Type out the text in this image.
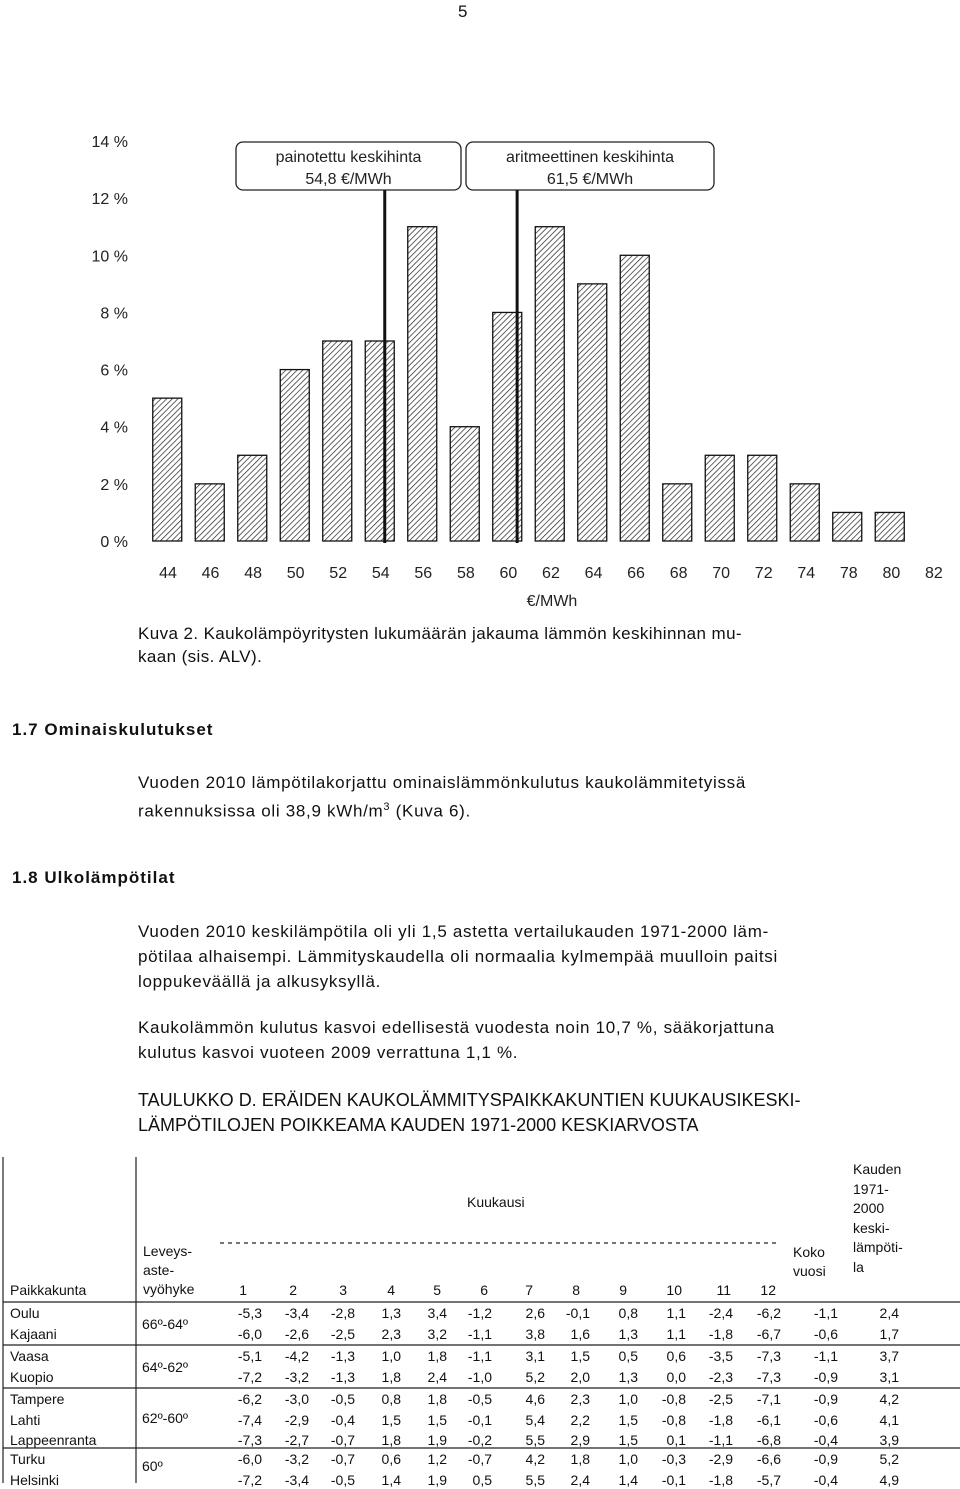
5
0 %
2 %
4 %
6 %
8 %
10 %
12 %
14 %
44 46 48 50 52 54 56 58 60 62 64 66 68 70 72 74 78 80 82
€/MWh
painotettu keskihinta
54,8 €/MWh
aritmeettinen keskihinta
61,5 €/MWh
Kuva 2. Kaukolämpöyritysten lukumäärän jakauma lämmön keskihinnan mu-
kaan (sis. ALV).
1.7 Ominaiskulutukset
Vuoden 2010 lämpötilakorjattu ominaislämmönkulutus kaukolämmitetyissä
rakennuksissa oli 38,9 kWh/$m^3$ (Kuva 6).
1.8 Ulkolämpötilat
Vuoden 2010 keskilämpötila oli yli 1,5 astetta vertailukauden 1971-2000 läm-
pötilaa alhaisempi. Lämmityskaudella oli normaalia kylmempää muulloin paitsi
loppukeväällä ja alkusyksyllä.
Kaukolämmön kulutus kasvoi edellisestä vuodesta noin 10,7 %, sääkorjattuna
kulutus kasvoi vuoteen 2009 verrattuna 1,1 %.
TAULUKKO D. ERÄIDEN KAUKOLÄMMITYSPAIKKAKUNTIEN KUUKAUSIKESKI-
LÄMPÖTILOJEN POIKKEAMA KAUDEN 1971-2000 KESKIARVOSTA
Paikkakunta
Leveys-
aste-
vyöhyke
Kuukausi
1	2	3	4	5	6	7	8	9	10	11	12
Koko
vuosi
Kauden
1971-
2000
keski-
lämpöti-
la
66º-64º
Oulu	-5,3	-3,4	-2,8	1,3	3,4	-1,2	2,6	-0,1	0,8	1,1	-2,4	-6,2	-1,1	2,4
Kajaani	-6,0	-2,6	-2,5	2,3	3,2	-1,1	3,8	1,6	1,3	1,1	-1,8	-6,7	-0,6	1,7
64º-62º
Vaasa	-5,1	-4,2	-1,3	1,0	1,8	-1,1	3,1	1,5	0,5	0,6	-3,5	-7,3	-1,1	3,7
Kuopio	-7,2	-3,2	-1,3	1,8	2,4	-1,0	5,2	2,0	1,3	0,0	-2,3	-7,3	-0,9	3,1
62º-60º
Tampere	-6,2	-3,0	-0,5	0,8	1,8	-0,5	4,6	2,3	1,0	-0,8	-2,5	-7,1	-0,9	4,2
Lahti	-7,4	-2,9	-0,4	1,5	1,5	-0,1	5,4	2,2	1,5	-0,8	-1,8	-6,1	-0,6	4,1
Lappeenranta	-7,3	-2,7	-0,7	1,8	1,9	-0,2	5,5	2,9	1,5	0,1	-1,1	-6,8	-0,4	3,9
60º
Turku	-6,0	-3,2	-0,7	0,6	1,2	-0,7	4,2	1,8	1,0	-0,3	-2,9	-6,6	-0,9	5,2
Helsinki	-7,2	-3,4	-0,5	1,4	1,9	0,5	5,5	2,4	1,4	-0,1	-1,8	-5,7	-0,4	4,9
